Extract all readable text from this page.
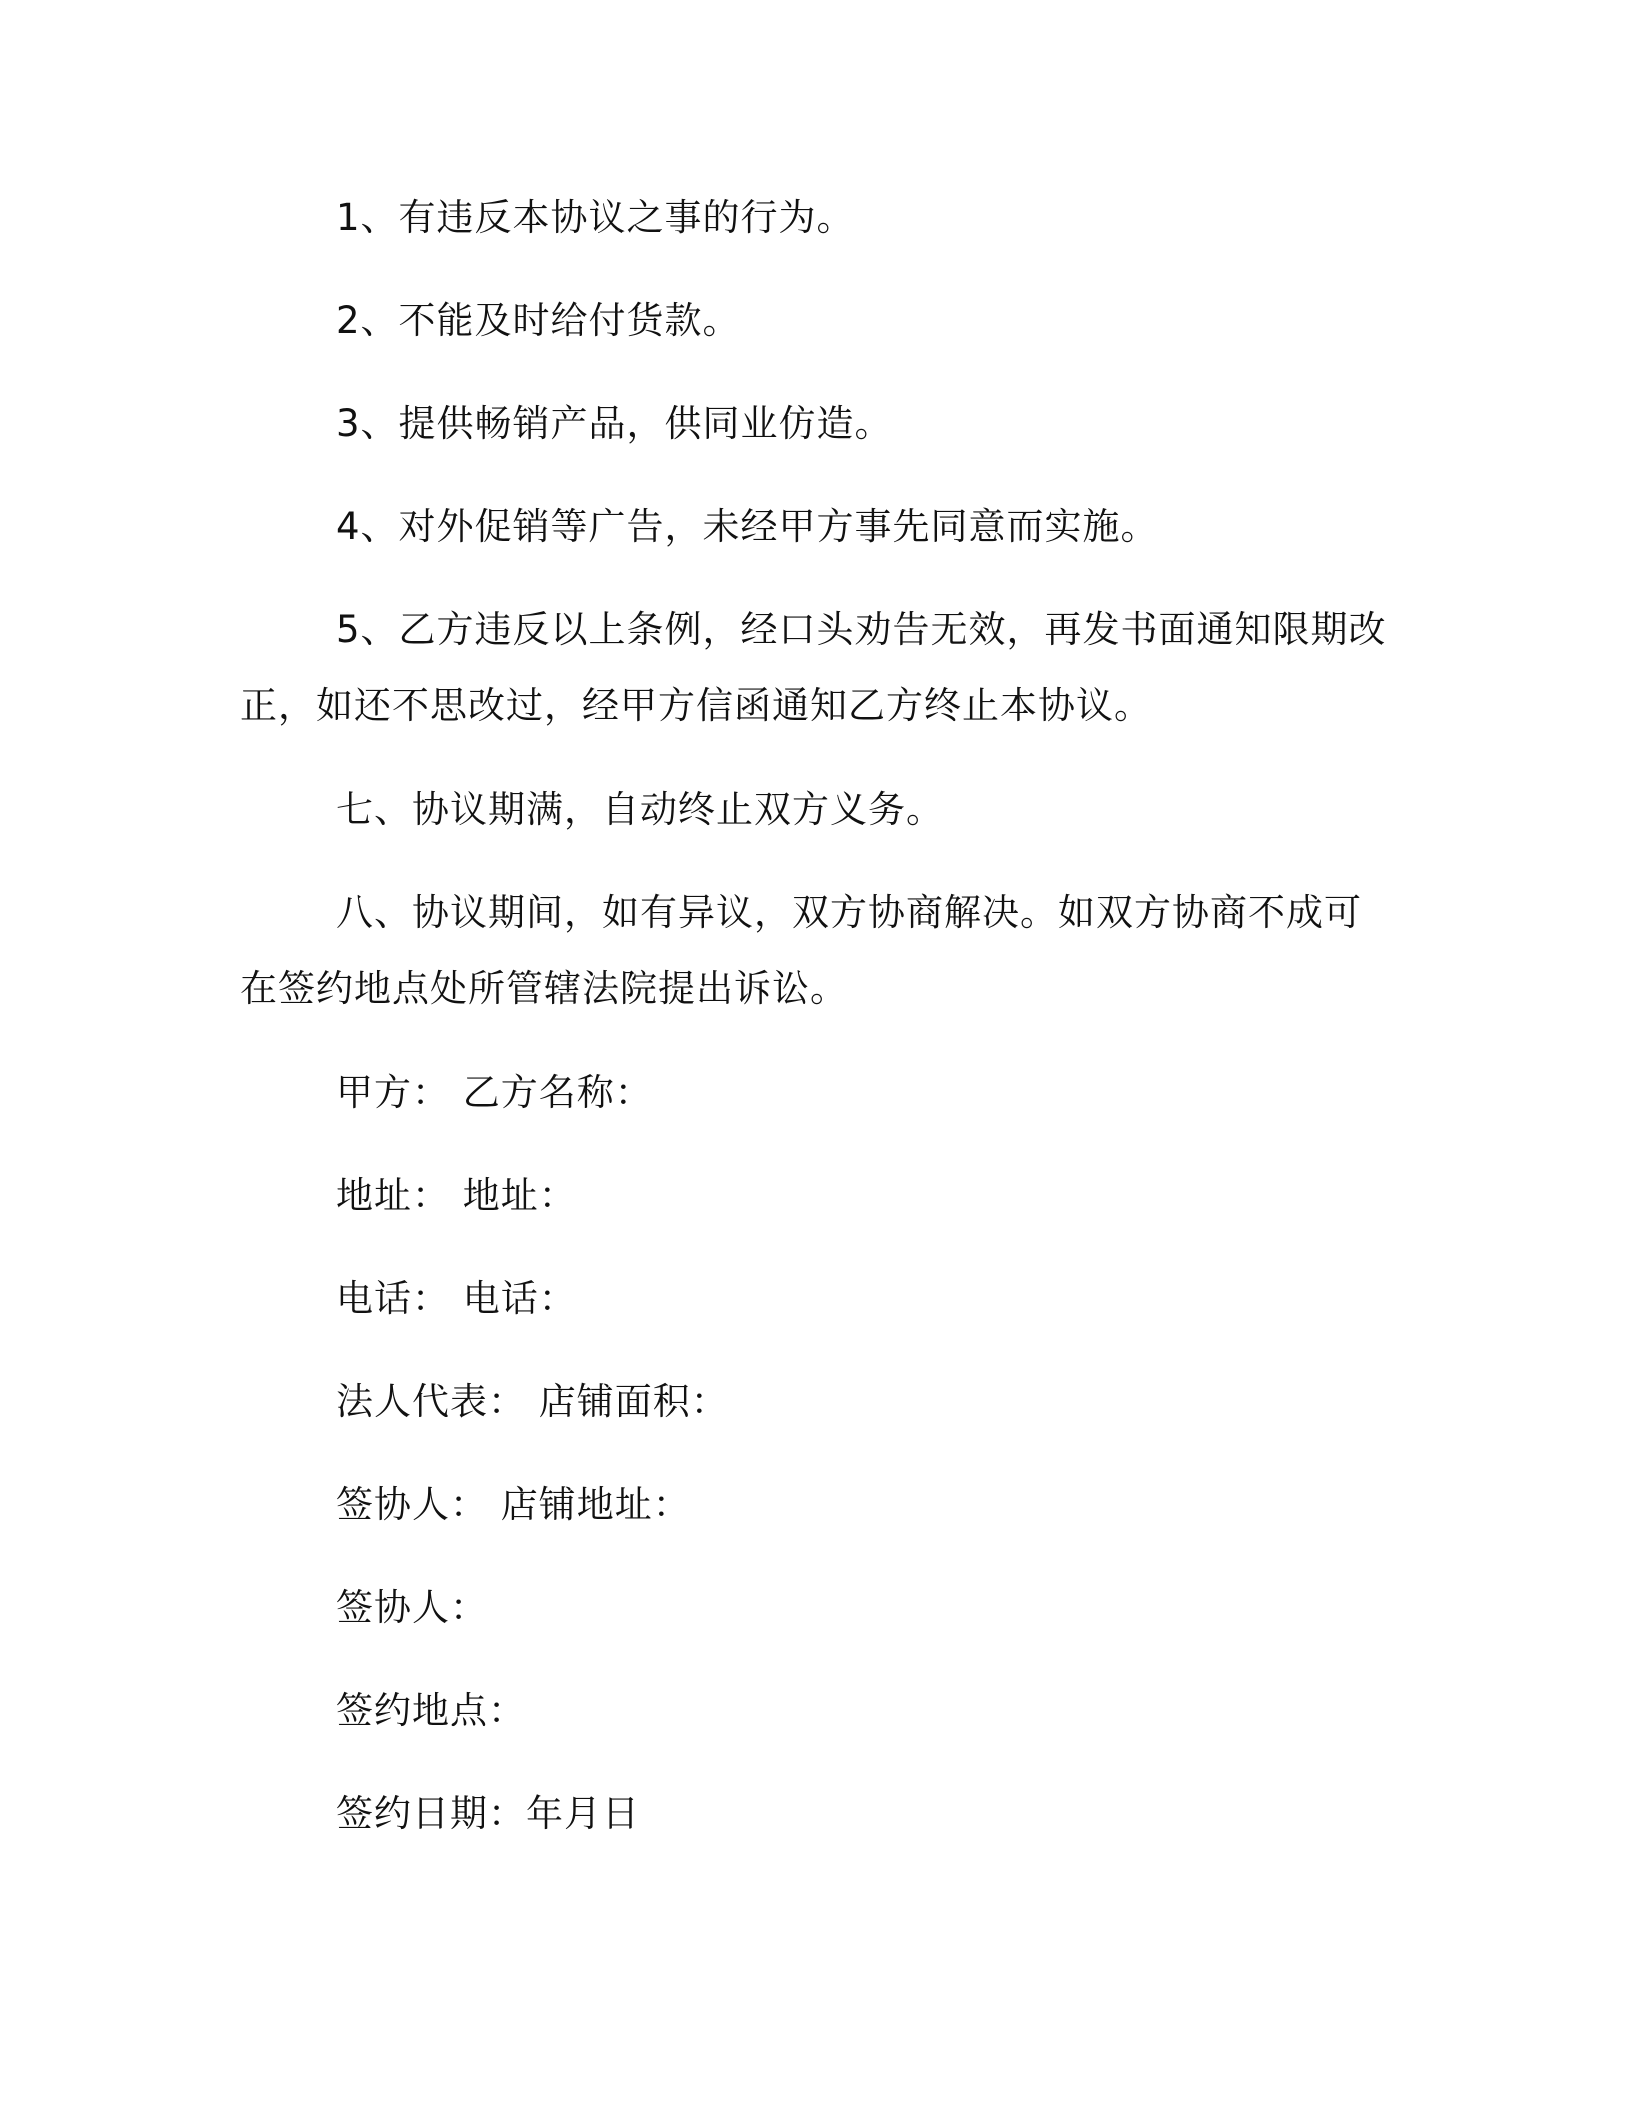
1、有违反本协议之事的行为。

2、不能及时给付货款。

3、提供畅销产品，供同业仿造。

4、对外促销等广告，未经甲方事先同意而实施。

5、乙方违反以上条例，经口头劝告无效，再发书面通知限期改正，如还不思改过，经甲方信函通知乙方终止本协议。

七、协议期满，自动终止双方义务。

八、协议期间，如有异议，双方协商解决。如双方协商不成可在签约地点处所管辖法院提出诉讼。

甲方： 乙方名称：

地址： 地址：

电话： 电话：

法人代表： 店铺面积：

签协人： 店铺地址：

签协人：

签约地点：

签约日期：年月日
